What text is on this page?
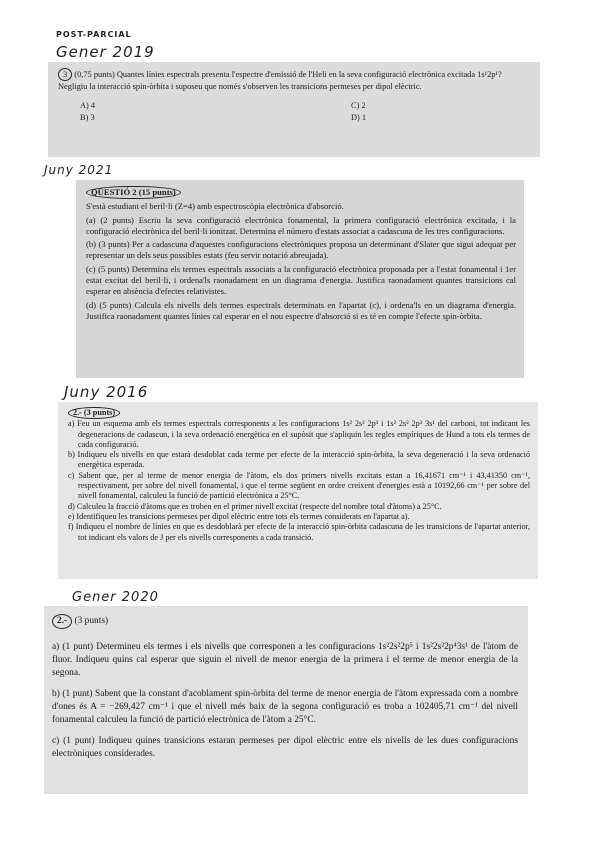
POST-PARCIAL
Gener 2019
Juny 2021
Juny 2016
Gener 2020
3 (0,75 punts) Quantes línies espectrals presenta l'espectre d'emissió de l'Heli en la seva configuració electrònica excitada 1s¹2p¹? Negligiu la interacció spin-òrbita i suposeu que només s'observen les transicions permeses per dipol elèctric.
A) 4	C) 2
B) 3	D) 1
QÜESTIÓ 2 (15 punts)
S'està estudiant el beril·li (Z=4) amb espectroscòpia electrònica d'absorció.
(a) (2 punts) Escriu la seva configuració electrònica fonamental, la primera configuració electrònica excitada, i la configuració electrònica del beril·li ionitzat. Determina el número d'estats associat a cadascuna de les tres configuracions.
(b) (3 punts) Per a cadascuna d'aquestes configuracions electròniques proposa un determinant d'Slater que sigui adequat per representar un dels seus possibles estats (feu servir notació abreujada).
(c) (5 punts) Determina els termes espectrals associats a la configuració electrònica proposada per a l'estat fonamental i 1er estat excitat del beril·li, i ordena'ls raonadament en un diagrama d'energia. Justifica raonadament quantes transicions cal esperar en absència d'efectes relativistes.
(d) (5 punts) Calcula els nivells dels termes espectrals determinats en l'apartat (c), i ordena'ls en un diagrama d'energia. Justifica raonadament quantes línies cal esperar en el nou espectre d'absorció si es té en compte l'efecte spin-òrbita.
2.- (3 punts)
a) Feu un esquema amb els termes espectrals corresponents a les configuracions 1s² 2s² 2p³ i 1s² 2s² 2p³ 3s¹ del carboni, tot indicant les degeneracions de cadascun, i la seva ordenació energètica en el supòsit que s'apliquin les regles empíriques de Hund a tots els termes de cada configuració.
b) Indiqueu els nivells en que estarà desdoblat cada terme per efecte de la interacció spin-òrbita, la seva degeneració i la seva ordenació energètica esperada.
c) Sabent que, per al terme de menor energia de l'àtom, els dos primers nivells excitats estan a 16,41671 cm⁻¹ i 43,41350 cm⁻¹, respectivament, per sobre del nivell fonamental, i que el terme següent en ordre creixent d'energies està a 10192,66 cm⁻¹ per sobre del nivell fonamental, calculeu la funció de partició electrònica a 25°C.
d) Calculeu la fracció d'àtoms que es troben en el primer nivell excitat (respecte del nombre total d'àtoms) a 25°C.
e) Identifiqueu les transicions permeses per dipol elèctric entre tots els termes considerats en l'apartat a).
f) Indiqueu el nombre de línies en que es desdoblarà per efecte de la interacció spin-òrbita cadascuna de les transicions de l'apartat anterior, tot indicant els valors de J per els nivells corresponents a cada transició.
2.- (3 punts)
a) (1 punt) Determineu els termes i els nivells que corresponen a les configuracions 1s²2s²2p⁵ i 1s²2s²2p⁴3s¹ de l'àtom de fluor. Indiqueu quins cal esperar que siguin el nivell de menor energia de la primera i el terme de menor energia de la segona.
b) (1 punt) Sabent que la constant d'acoblament spin-òrbita del terme de menor energia de l'àtom expressada com a nombre d'ones és A = −269,427 cm⁻¹ i que el nivell més baix de la segona configuració es troba a 102405,71 cm⁻¹ del nivell fonamental calculeu la funció de partició electrònica de l'àtom a 25°C.
c) (1 punt) Indiqueu quines transicions estaran permeses per dipol elèctric entre els nivells de les dues configuracions electròniques considerades.
